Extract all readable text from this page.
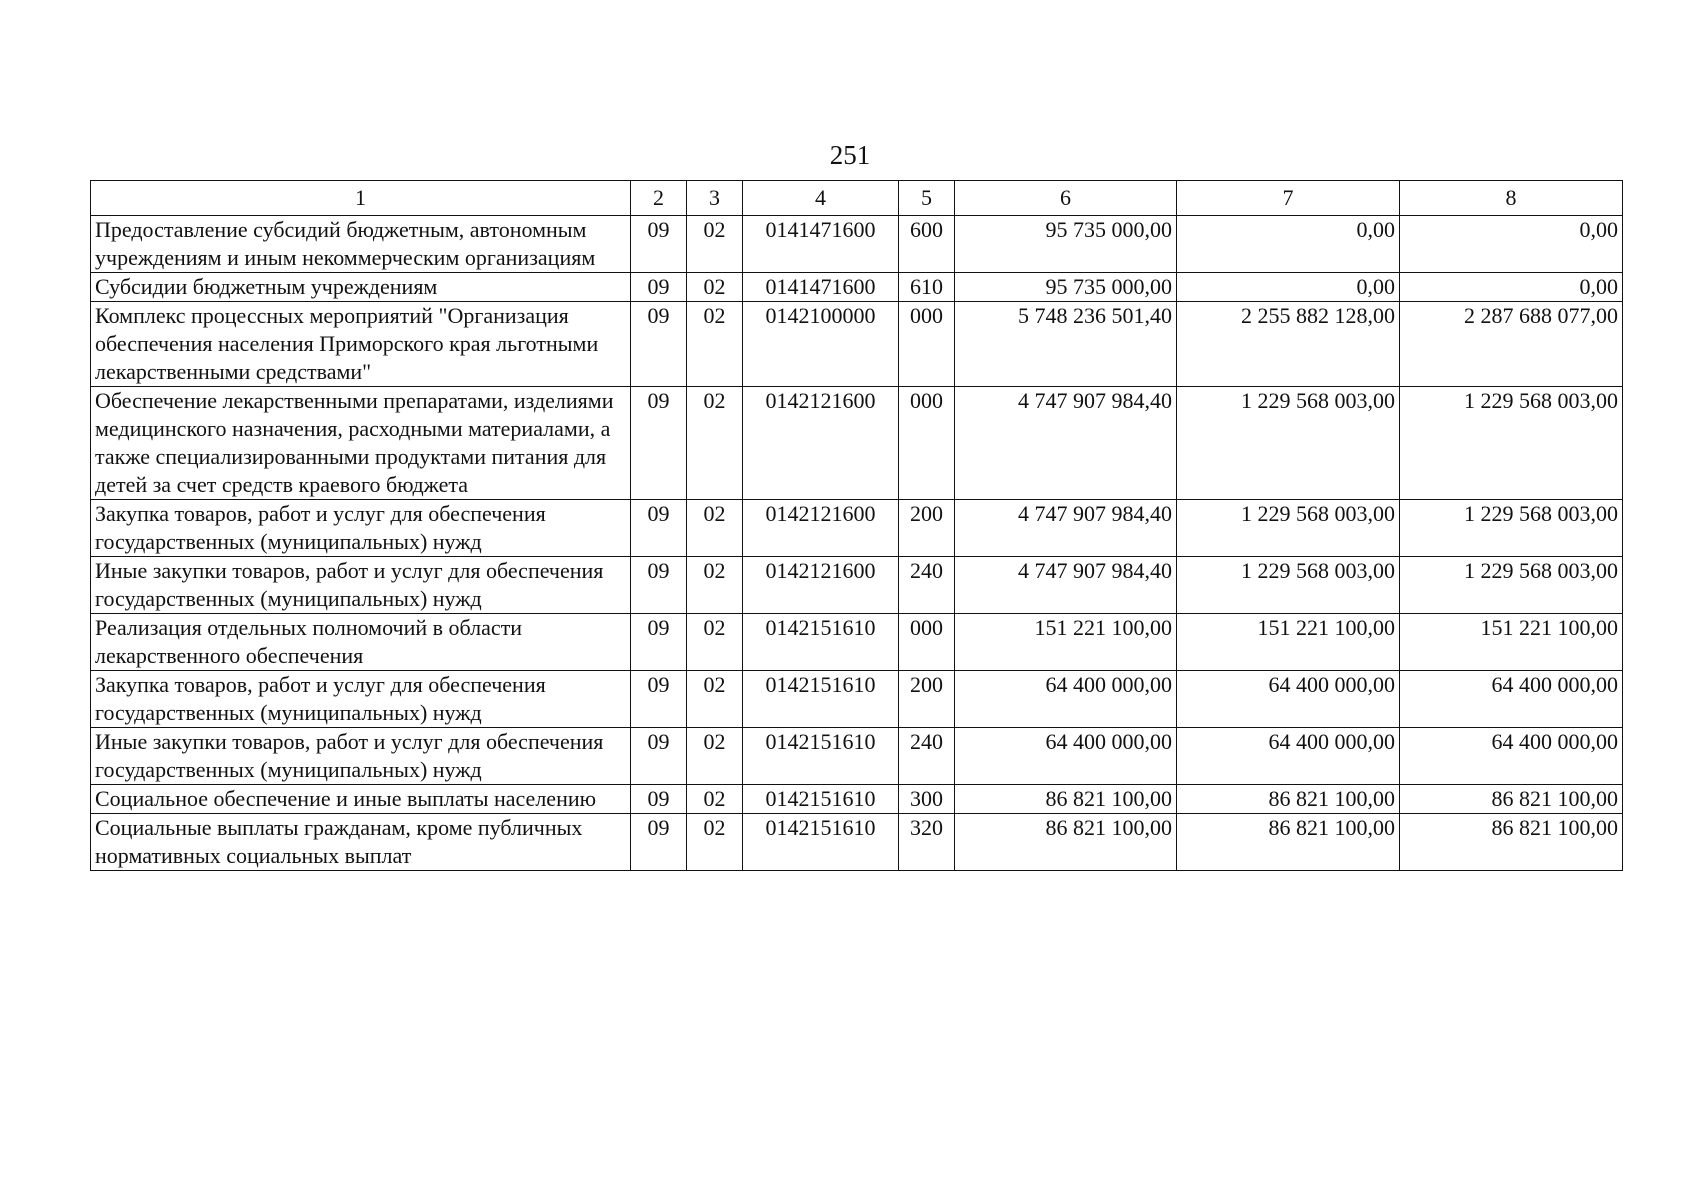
251
1	2	3	4	5	6	7	8
Предоставление субсидий бюджетным, автономным учреждениям и иным некоммерческим организациям	09	02	0141471600	600	95 735 000,00	0,00	0,00
Субсидии бюджетным учреждениям	09	02	0141471600	610	95 735 000,00	0,00	0,00
Комплекс процессных мероприятий "Организация обеспечения населения Приморского края льготными лекарственными средствами"	09	02	0142100000	000	5 748 236 501,40	2 255 882 128,00	2 287 688 077,00
Обеспечение лекарственными препаратами, изделиями медицинского назначения, расходными материалами, а также специализированными продуктами питания для детей за счет средств краевого бюджета	09	02	0142121600	000	4 747 907 984,40	1 229 568 003,00	1 229 568 003,00
Закупка товаров, работ и услуг для обеспечения государственных (муниципальных) нужд	09	02	0142121600	200	4 747 907 984,40	1 229 568 003,00	1 229 568 003,00
Иные закупки товаров, работ и услуг для обеспечения государственных (муниципальных) нужд	09	02	0142121600	240	4 747 907 984,40	1 229 568 003,00	1 229 568 003,00
Реализация отдельных полномочий в области лекарственного обеспечения	09	02	0142151610	000	151 221 100,00	151 221 100,00	151 221 100,00
Закупка товаров, работ и услуг для обеспечения государственных (муниципальных) нужд	09	02	0142151610	200	64 400 000,00	64 400 000,00	64 400 000,00
Иные закупки товаров, работ и услуг для обеспечения государственных (муниципальных) нужд	09	02	0142151610	240	64 400 000,00	64 400 000,00	64 400 000,00
Социальное обеспечение и иные выплаты населению	09	02	0142151610	300	86 821 100,00	86 821 100,00	86 821 100,00
Социальные выплаты гражданам, кроме публичных нормативных социальных выплат	09	02	0142151610	320	86 821 100,00	86 821 100,00	86 821 100,00
